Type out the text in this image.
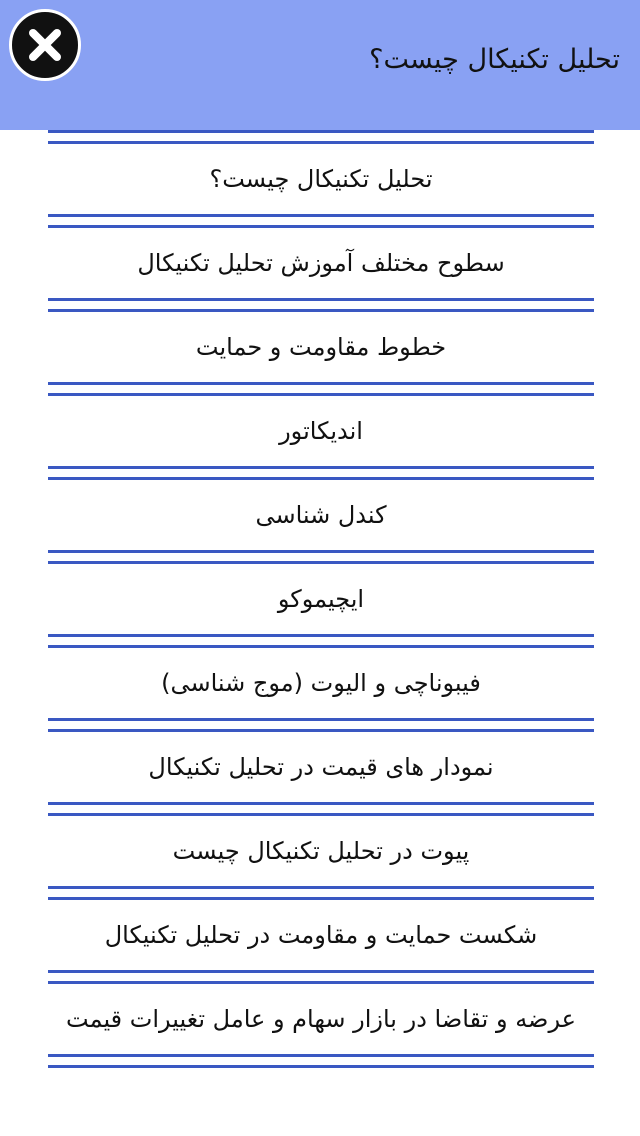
تحلیل تکنیکال چیست؟
تحلیل تکنیکال چیست؟
سطوح مختلف آموزش تحلیل تکنیکال
خطوط مقاومت و حمایت
اندیکاتور
کندل شناسی
ایچیموکو
فیبوناچی و الیوت (موج شناسی)
نمودار های قیمت در تحلیل تکنیکال
پیوت در تحلیل تکنیکال چیست
شکست حمایت و مقاومت در تحلیل تکنیکال
عرضه و تقاضا در بازار سهام و عامل تغییرات قیمت
